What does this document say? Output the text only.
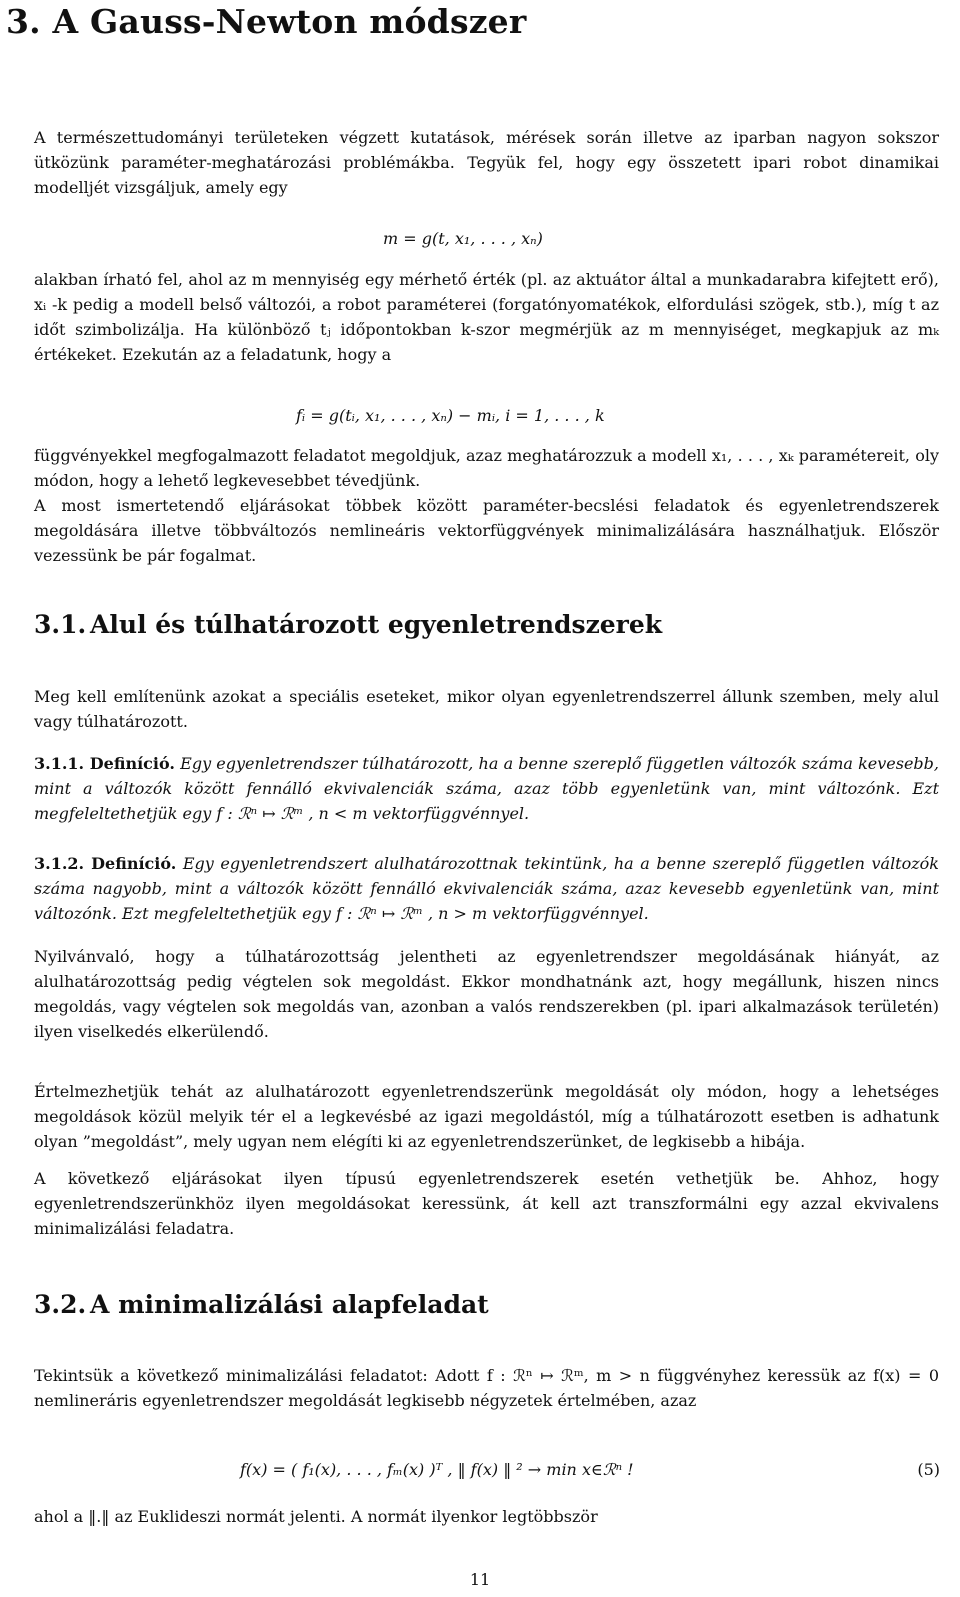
3. A Gauss-Newton módszer

A természettudományi területeken végzett kutatások, mérések során illetve az iparban nagyon sokszor ütközünk paraméter-meghatározási problémákba. Tegyük fel, hogy egy összetett ipari robot dinamikai modelljét vizsgáljuk, amely egy

m = g(t, x₁, . . . , xₙ)

alakban írható fel, ahol az m mennyiség egy mérhető érték (pl. az aktuátor által a munkadarabra kifejtett erő), xᵢ -k pedig a modell belső változói, a robot paraméterei (forgatónyomatékok, elfordulási szögek, stb.), míg t az időt szimbolizálja. Ha különböző tⱼ időpontokban k-szor megmérjük az m mennyiséget, megkapjuk az mₖ értékeket. Ezekután az a feladatunk, hogy a

fᵢ = g(tᵢ, x₁, . . . , xₙ) − mᵢ, i = 1, . . . , k

függvényekkel megfogalmazott feladatot megoldjuk, azaz meghatározzuk a modell x₁, . . . , xₖ paramétereit, oly módon, hogy a lehető legkevesebbet tévedjünk.

A most ismertetendő eljárásokat többek között paraméter-becslési feladatok és egyenletrendszerek megoldására illetve többváltozós nemlineáris vektorfüggvények minimalizálására használhatjuk. Először vezessünk be pár fogalmat.

3.1. Alul és túlhatározott egyenletrendszerek

Meg kell említenünk azokat a speciális eseteket, mikor olyan egyenletrendszerrel állunk szemben, mely alul vagy túlhatározott.

3.1.1. Definíció. Egy egyenletrendszer túlhatározott, ha a benne szereplő független változók száma kevesebb, mint a változók között fennálló ekvivalenciák száma, azaz több egyenletünk van, mint változónk. Ezt megfeleltethetjük egy f : ℛⁿ ↦ ℛᵐ , n < m vektorfüggvénnyel.

3.1.2. Definíció. Egy egyenletrendszert alulhatározottnak tekintünk, ha a benne szereplő független változók száma nagyobb, mint a változók között fennálló ekvivalenciák száma, azaz kevesebb egyenletünk van, mint változónk. Ezt megfeleltethetjük egy f : ℛⁿ ↦ ℛᵐ , n > m vektorfüggvénnyel.

Nyilvánvaló, hogy a túlhatározottság jelentheti az egyenletrendszer megoldásának hiányát, az alulhatározottság pedig végtelen sok megoldást. Ekkor mondhatnánk azt, hogy megállunk, hiszen nincs megoldás, vagy végtelen sok megoldás van, azonban a valós rendszerekben (pl. ipari alkalmazások területén) ilyen viselkedés elkerülendő.

Értelmezhetjük tehát az alulhatározott egyenletrendszerünk megoldását oly módon, hogy a lehetséges megoldások közül melyik tér el a legkevésbé az igazi megoldástól, míg a túlhatározott esetben is adhatunk olyan ”megoldást”, mely ugyan nem elégíti ki az egyenletrendszerünket, de legkisebb a hibája.

A következő eljárásokat ilyen típusú egyenletrendszerek esetén vethetjük be. Ahhoz, hogy egyenletrendszerünkhöz ilyen megoldásokat keressünk, át kell azt transzformálni egy azzal ekvivalens minimalizálási feladatra.

3.2. A minimalizálási alapfeladat

Tekintsük a következő minimalizálási feladatot: Adott f : ℛⁿ ↦ ℛᵐ, m > n függvényhez keressük az f(x) = 0 nemlineráris egyenletrendszer megoldását legkisebb négyzetek értelmében, azaz

f(x) = ( f₁(x), . . . , fₘ(x) )ᵀ , ‖ f(x) ‖ ² → min x∈ℛⁿ !	(5)

ahol a ‖.‖ az Euklideszi normát jelenti. A normát ilyenkor legtöbbször

11
